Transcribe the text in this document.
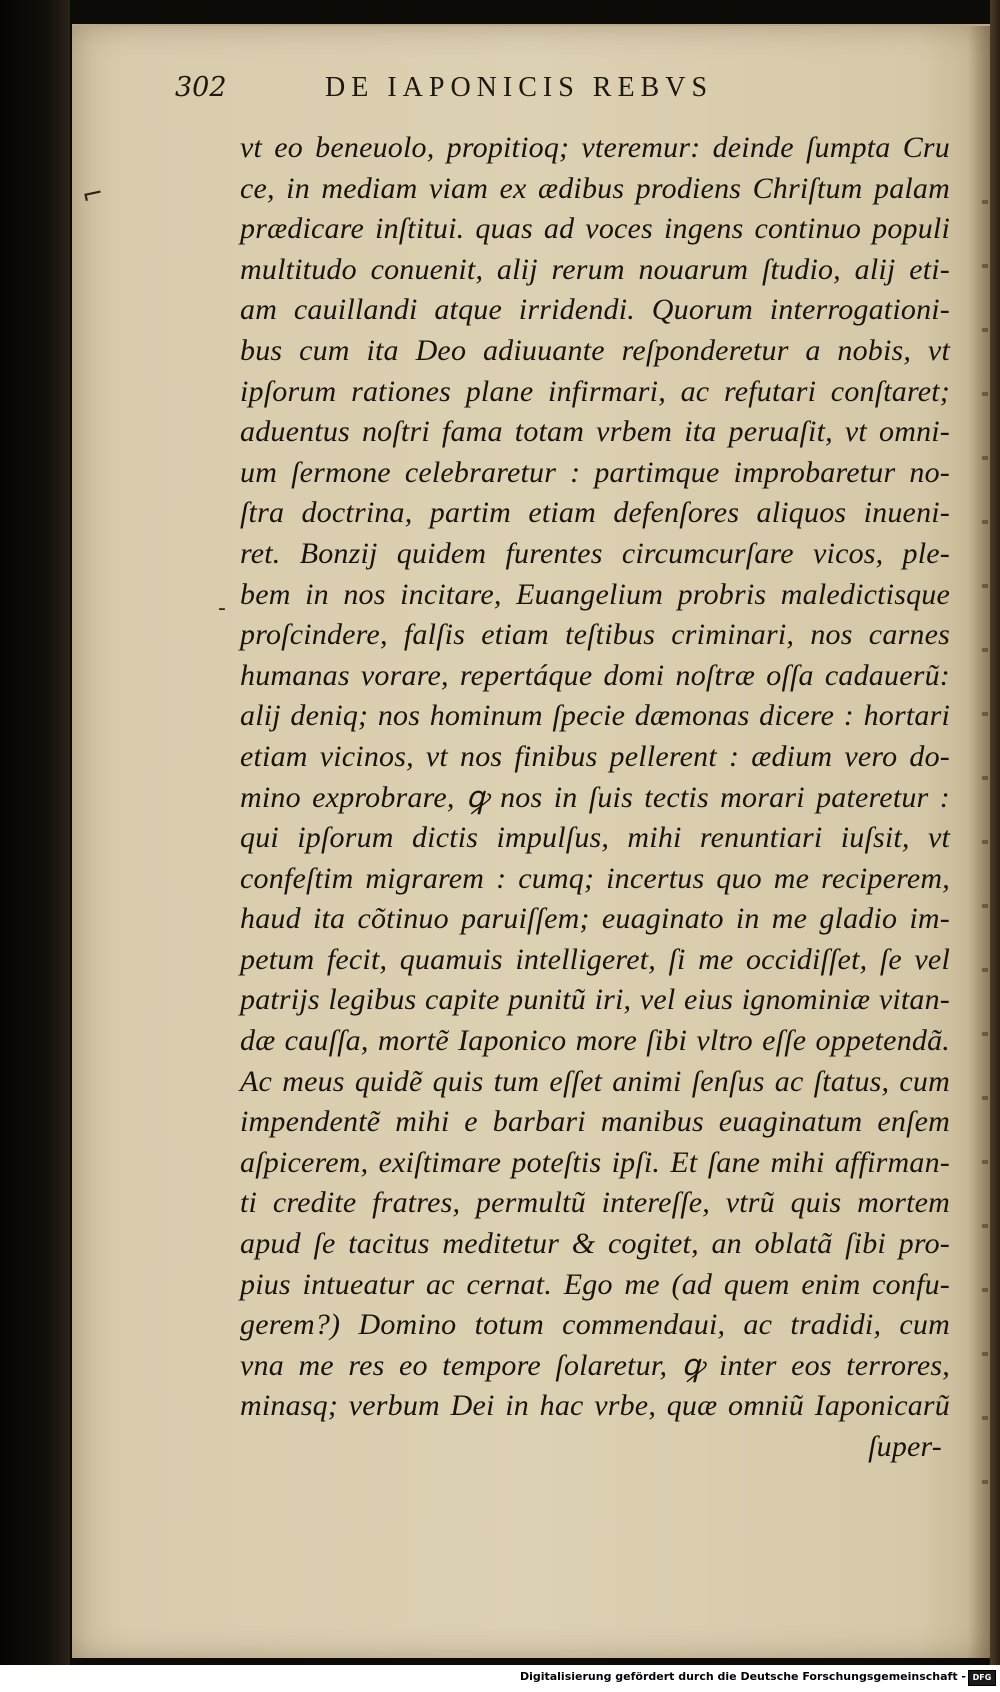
302	DE IAPONICIS REBVS
⌐
-
vt eo beneuolo, propitioq; vteremur: deinde ſumpta Cru
ce, in mediam viam ex ædibus prodiens Chriſtum palam
prædicare inſtitui. quas ad voces ingens continuo populi
multitudo conuenit, alij rerum nouarum ſtudio, alij eti-
am cauillandi atque irridendi. Quorum interrogationi-
bus cum ita Deo adiuuante reſponderetur a nobis, vt
ipſorum rationes plane infirmari, ac refutari conſtaret;
aduentus noſtri fama totam vrbem ita peruaſit, vt omni-
um ſermone celebraretur : partimque improbaretur no-
ſtra doctrina, partim etiam defenſores aliquos inueni-
ret. Bonzij quidem furentes circumcurſare vicos, ple-
bem in nos incitare, Euangelium probris maledictisque
proſcindere, falſis etiam teſtibus criminari, nos carnes
humanas vorare, repertáque domi noſtræ oſſa cadauerũ:
alij deniq; nos hominum ſpecie dæmonas dicere : hortari
etiam vicinos, vt nos finibus pellerent : ædium vero do-
mino exprobrare, ꝙ nos in ſuis tectis morari pateretur :
qui ipſorum dictis impulſus, mihi renuntiari iuſsit, vt
confeſtim migrarem : cumq; incertus quo me reciperem,
haud ita cõtinuo paruiſſem; euaginato in me gladio im-
petum fecit, quamuis intelligeret, ſi me occidiſſet, ſe vel
patrijs legibus capite punitũ iri, vel eius ignominiæ vitan-
dæ cauſſa, mortẽ Iaponico more ſibi vltro eſſe oppetendã.
Ac meus quidẽ quis tum eſſet animi ſenſus ac ſtatus, cum
impendentẽ mihi e barbari manibus euaginatum enſem
aſpicerem, exiſtimare poteſtis ipſi. Et ſane mihi affirman-
ti credite fratres, permultũ intereſſe, vtrũ quis mortem
apud ſe tacitus meditetur & cogitet, an oblatã ſibi pro-
pius intueatur ac cernat. Ego me (ad quem enim confu-
gerem?) Domino totum commendaui, ac tradidi, cum
vna me res eo tempore ſolaretur, ꝙ inter eos terrores,
minasq; verbum Dei in hac vrbe, quæ omniũ Iaponicarũ
ſuper-
Digitalisierung gefördert durch die Deutsche Forschungsgemeinschaft - DFG
